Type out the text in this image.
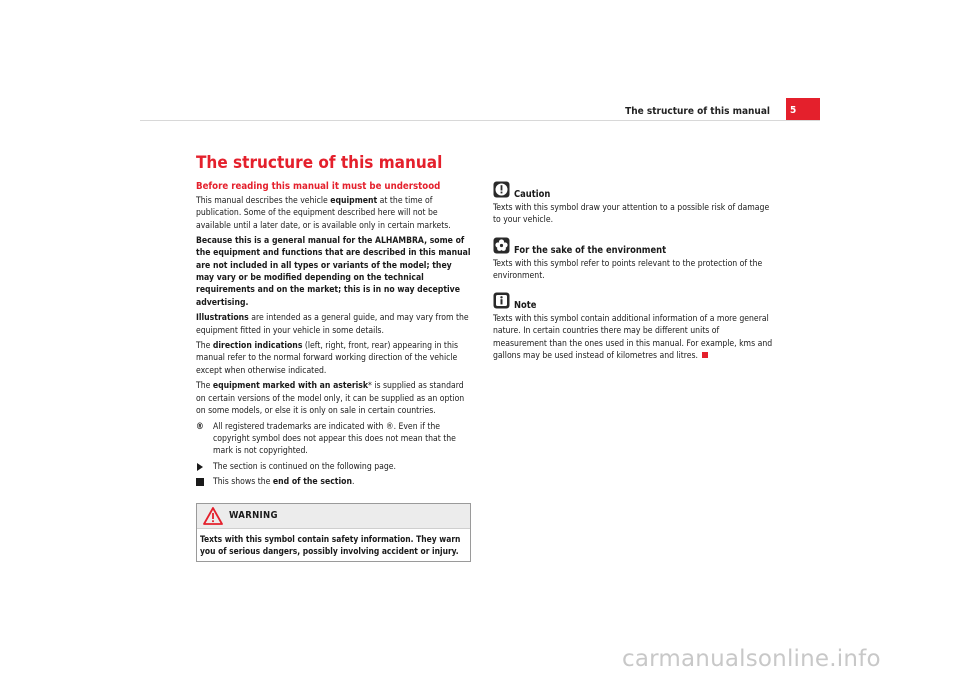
The structure of this manual	5
The structure of this manual
Before reading this manual it must be understood

This manual describes the vehicle equipment at the time of publication. Some of the equipment described here will not be available until a later date, or is available only in certain markets.

Because this is a general manual for the ALHAMBRA, some of the equipment and functions that are described in this manual are not included in all types or variants of the model; they may vary or be modified depending on the technical requirements and on the market; this is in no way deceptive advertising.

Illustrations are intended as a general guide, and may vary from the equipment fitted in your vehicle in some details.

The direction indications (left, right, front, rear) appearing in this manual refer to the normal forward working direction of the vehicle except when otherwise indicated.

The equipment marked with an asterisk* is supplied as standard on certain versions of the model only, it can be supplied as an option on some models, or else it is only on sale in certain countries.

® All registered trademarks are indicated with ®. Even if the copyright symbol does not appear this does not mean that the mark is not copyrighted.
The section is continued on the following page.
This shows the end of the section.
WARNING
Texts with this symbol contain safety information. They warn you of serious dangers, possibly involving accident or injury.
Caution
Texts with this symbol draw your attention to a possible risk of damage to your vehicle.
For the sake of the environment
Texts with this symbol refer to points relevant to the protection of the environment.
Note
Texts with this symbol contain additional information of a more general nature. In certain countries there may be different units of measurement than the ones used in this manual. For example, kms and gallons may be used instead of kilometres and litres.
carmanualsonline.info
